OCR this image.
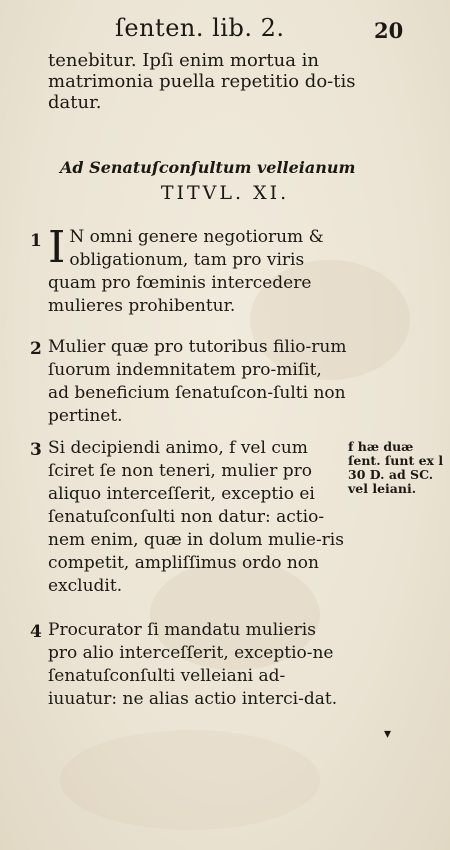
ſenten. lib. 2.	20
tenebitur. Ipſi enim mortua in matrimonia puella repetitio do‐tis datur.
Ad Senatuſconſultum velleianum
TITVL. XI.
1 I N omni genere negotiorum & obligationum, tam pro viris quam pro fœminis intercedere mulieres prohibentur.
2 Mulier quæ pro tutoribus filio‐rum ſuorum indemnitatem pro‐miſit, ad beneficium ſenatuſcon‐ſulti non pertinet.
3 Si decipiendi animo, f vel cum ſciret ſe non teneri, mulier pro aliquo interceſſerit, exceptio ei ſenatuſconſulti non datur: actio‐nem enim, quæ in dolum mulie‐ris competit, ampliſſimus ordo non excludit.
f hæ duæ ſent. ſunt ex l 30 D. ad SC. vel leiani.
4 Procurator ſi mandatu mulieris pro alio interceſſerit, exceptio‐ne ſenatuſconſulti velleiani ad‐iuuatur: ne alias actio interci‐dat.
▾
